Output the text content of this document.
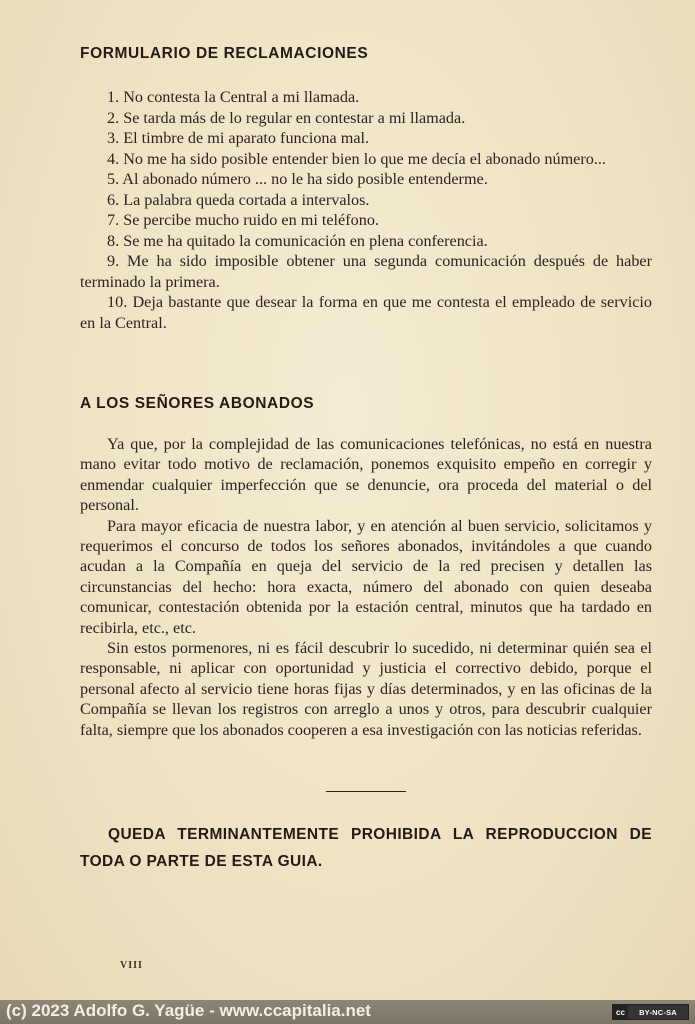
FORMULARIO DE RECLAMACIONES
1. No contesta la Central a mi llamada.
2. Se tarda más de lo regular en contestar a mi llamada.
3. El timbre de mi aparato funciona mal.
4. No me ha sido posible entender bien lo que me decía el abonado número...
5. Al abonado número ... no le ha sido posible entenderme.
6. La palabra queda cortada a intervalos.
7. Se percibe mucho ruido en mi teléfono.
8. Se me ha quitado la comunicación en plena conferencia.
9. Me ha sido imposible obtener una segunda comunicación después de haber terminado la primera.
10. Deja bastante que desear la forma en que me contesta el empleado de servicio en la Central.
A LOS SEÑORES ABONADOS

Ya que, por la complejidad de las comunicaciones telefónicas, no está en nuestra mano evitar todo motivo de reclamación, ponemos exquisito empeño en corregir y enmendar cualquier imperfección que se denuncie, ora proceda del material o del personal.

Para mayor eficacia de nuestra labor, y en atención al buen servicio, solicitamos y requerimos el concurso de todos los señores abonados, invitándoles a que cuando acudan a la Compañía en queja del servicio de la red precisen y detallen las circunstancias del hecho: hora exacta, número del abonado con quien deseaba comunicar, contestación obtenida por la estación central, minutos que ha tardado en recibirla, etc., etc.

Sin estos pormenores, ni es fácil descubrir lo sucedido, ni determinar quién sea el responsable, ni aplicar con oportunidad y justicia el correctivo debido, porque el personal afecto al servicio tiene horas fijas y días determinados, y en las oficinas de la Compañía se llevan los registros con arreglo a unos y otros, para descubrir cualquier falta, siempre que los abonados cooperen a esa investigación con las noticias referidas.

QUEDA TERMINANTEMENTE PROHIBIDA LA REPRODUCCION DE TODA O PARTE DE ESTA GUIA.

VIII
(c) 2023 Adolfo G. Yagüe - www.ccapitalia.net	cc	BY-NC-SA
